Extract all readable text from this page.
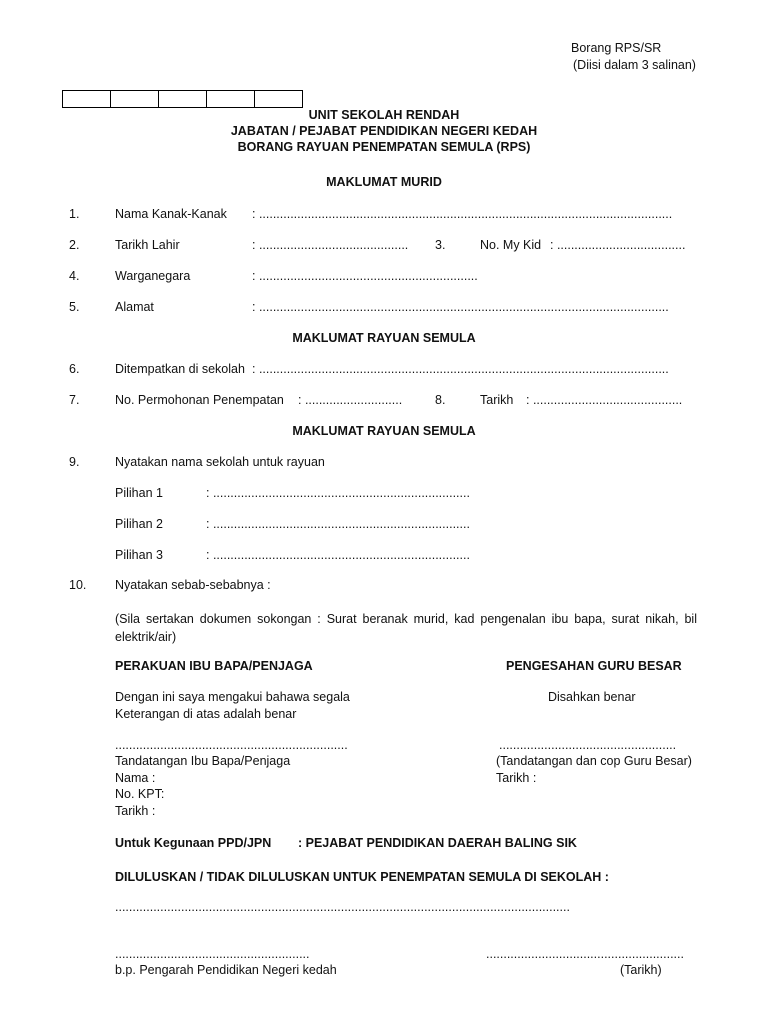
Borang RPS/SR
(Diisi dalam 3 salinan)
UNIT SEKOLAH RENDAH
JABATAN / PEJABAT PENDIDIKAN NEGERI KEDAH
BORANG RAYUAN PENEMPATAN SEMULA (RPS)
MAKLUMAT MURID
1.	Nama Kanak-Kanak : .......................................................................................................................
2.	Tarikh Lahir	: ........................................... 3.	No. My Kid : .....................................
4.	Warganegara	: ...............................................................
5.	Alamat	: ......................................................................................................................
MAKLUMAT RAYUAN SEMULA
6.	Ditempatkan di sekolah : ......................................................................................................................
7.	No. Permohonan Penempatan : ............................	8.	Tarikh : ...........................................
MAKLUMAT RAYUAN SEMULA
9.	Nyatakan nama sekolah untuk rayuan
Pilihan 1	: ..........................................................................
Pilihan 2	: ..........................................................................
Pilihan 3	: ..........................................................................
10. Nyatakan sebab-sebabnya :
(Sila sertakan dokumen sokongan : Surat beranak murid, kad pengenalan ibu bapa, surat nikah, bil elektrik/air)
PERAKUAN IBU BAPA/PENJAGA	PENGESAHAN GURU BESAR
Dengan ini saya mengakui bahawa segala
Keterangan di atas adalah benar
Disahkan benar
...................................................................	...................................................
Tandatangan Ibu Bapa/Penjaga	(Tandatangan dan cop Guru Besar)
Nama :	Tarikh :
No. KPT:
Tarikh :
Untuk Kegunaan PPD/JPN : PEJABAT PENDIDIKAN DAERAH BALING SIK
DILULUSKAN / TIDAK DILULUSKAN UNTUK PENEMPATAN SEMULA DI SEKOLAH :
...................................................................................................................................
........................................................	.........................................................
b.p. Pengarah Pendidikan Negeri kedah	(Tarikh)
